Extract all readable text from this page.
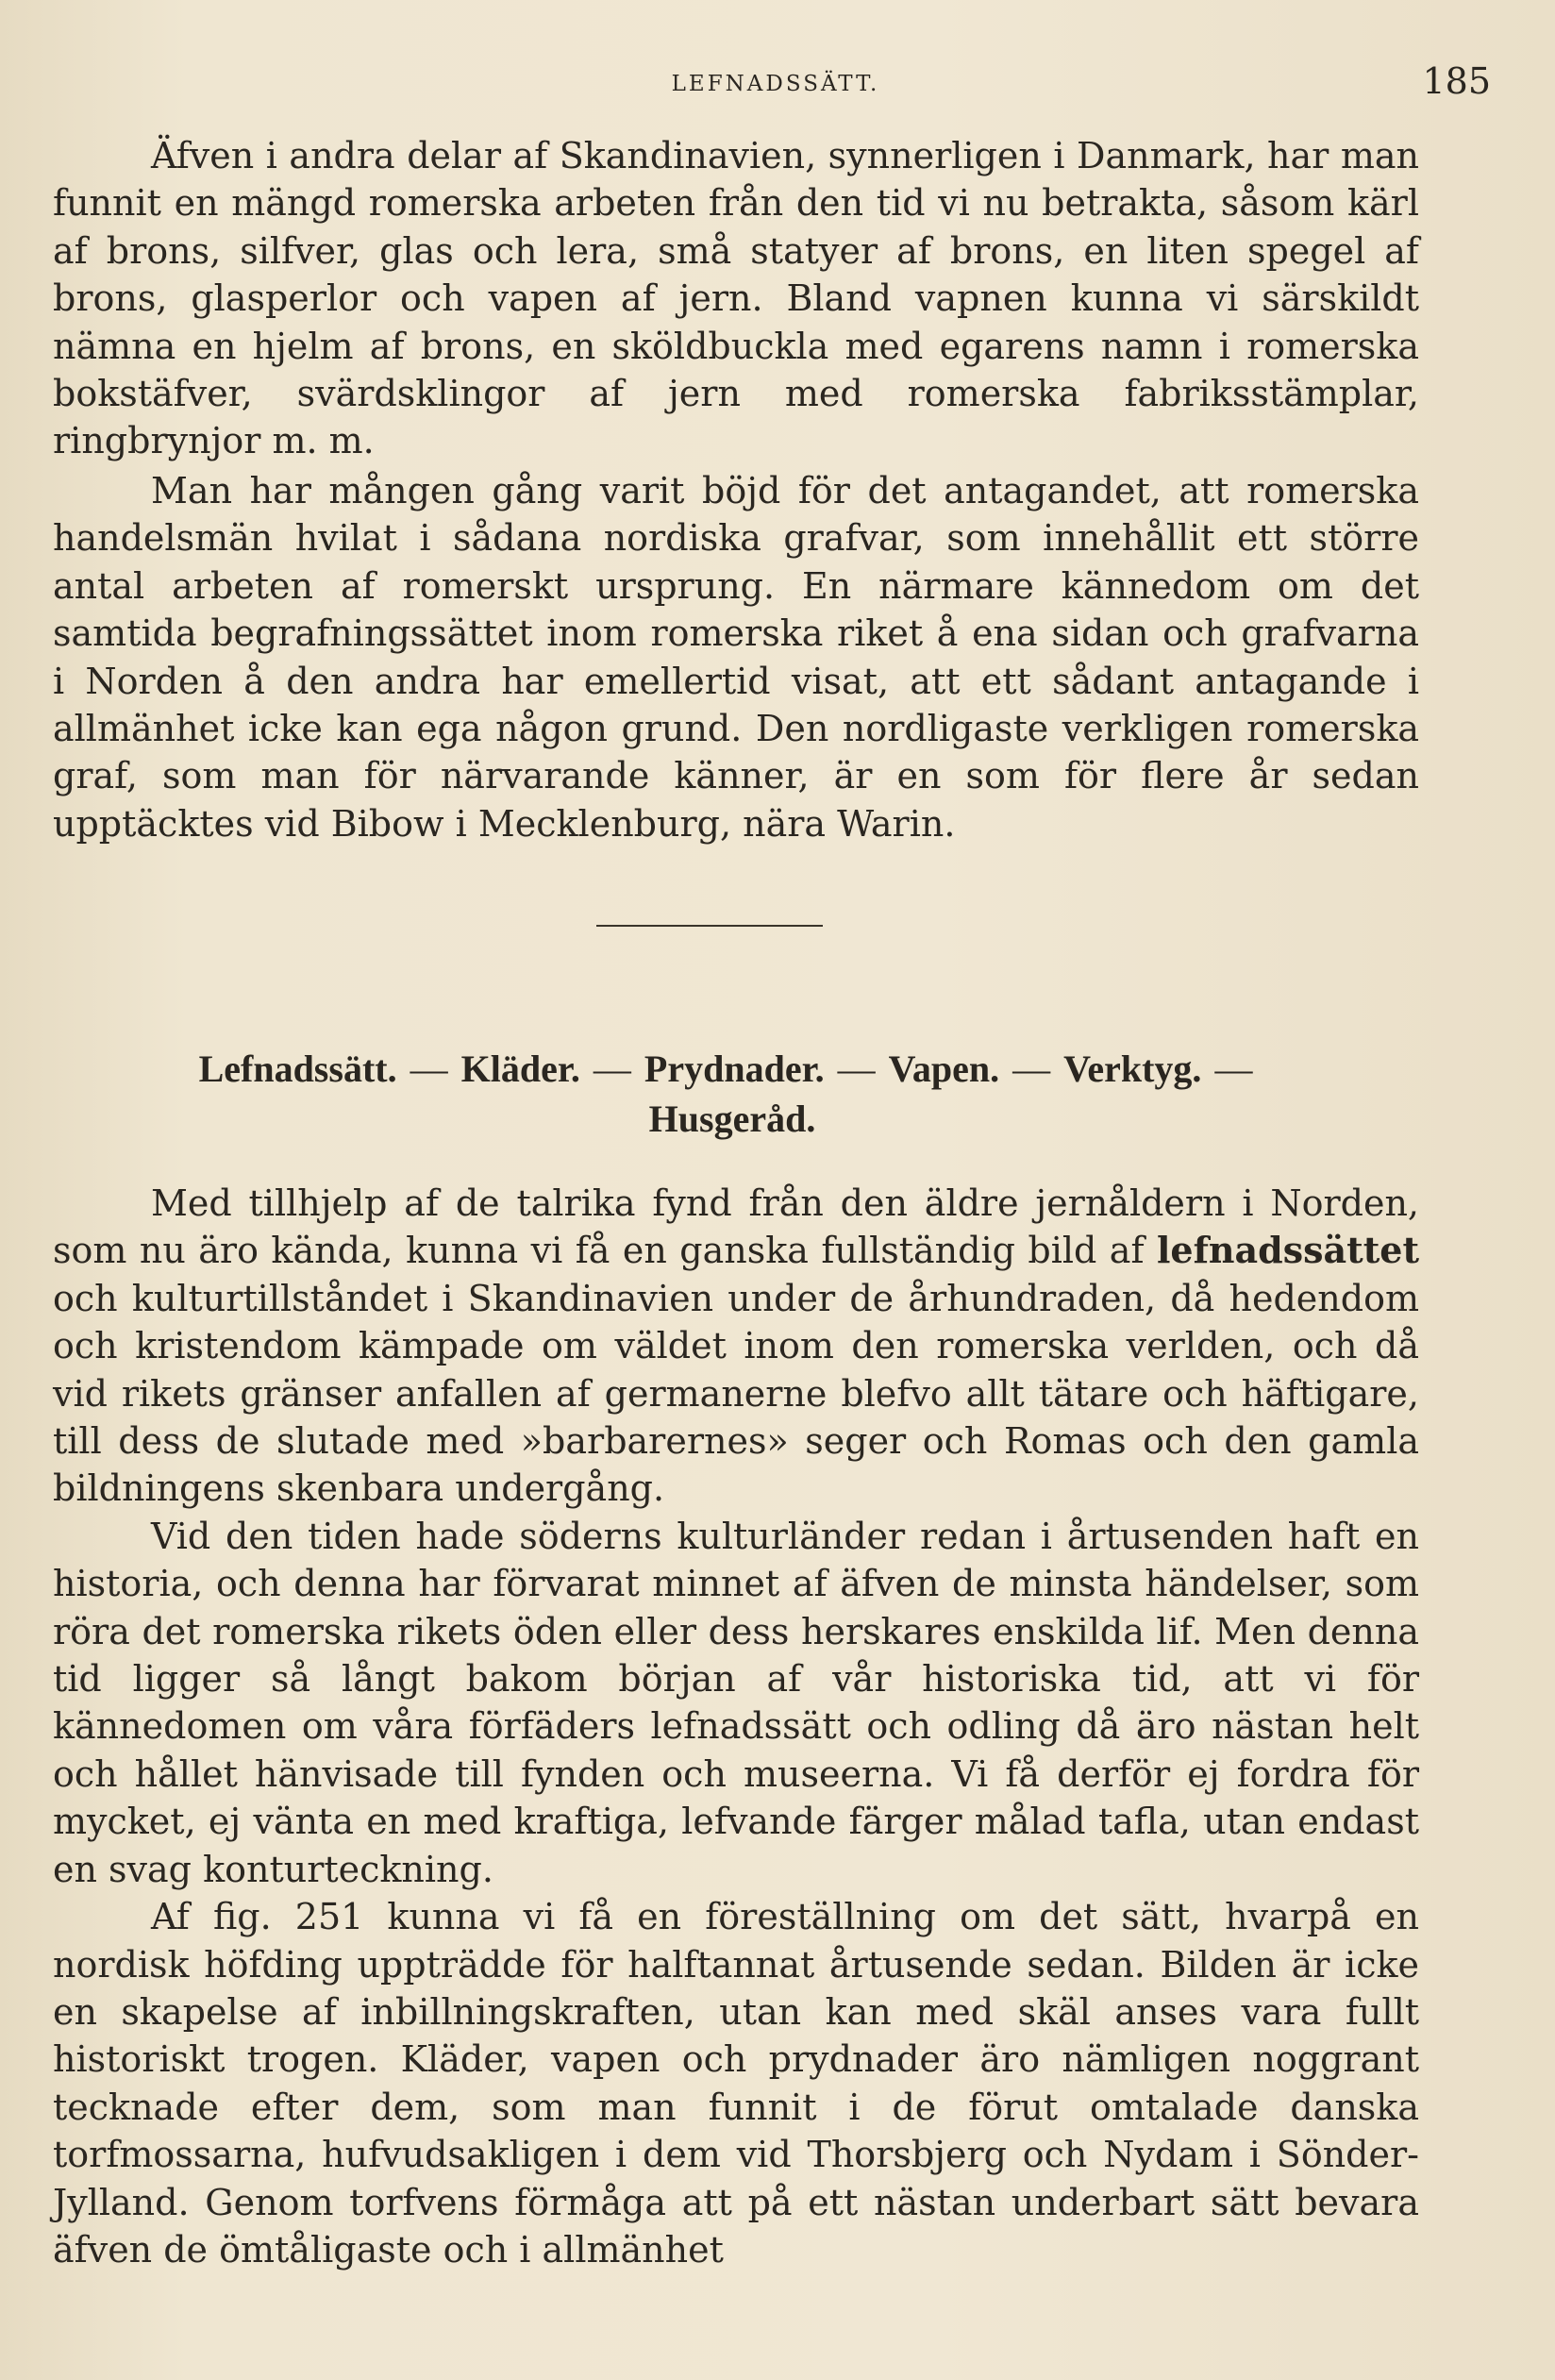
LEFNADSSÄTT.	185

Äfven i andra delar af Skandinavien, synnerligen i Danmark, har man funnit en mängd romerska arbeten från den tid vi nu betrakta, såsom kärl af brons, silfver, glas och lera, små statyer af brons, en liten spegel af brons, glasperlor och vapen af jern. Bland vapnen kunna vi särskildt nämna en hjelm af brons, en sköldbuckla med egarens namn i romerska bokstäfver, svärdsklingor af jern med romerska fabriksstämplar, ringbrynjor m. m.

Man har mången gång varit böjd för det antagandet, att romerska handelsmän hvilat i sådana nordiska grafvar, som innehållit ett större antal arbeten af romerskt ursprung. En närmare kännedom om det samtida begrafningssättet inom romerska riket å ena sidan och grafvarna i Norden å den andra har emellertid visat, att ett sådant antagande i allmänhet icke kan ega någon grund. Den nordligaste verkligen romerska graf, som man för närvarande känner, är en som för flere år sedan upptäcktes vid Bibow i Mecklenburg, nära Warin.

Lefnadssätt. — Kläder. — Prydnader. — Vapen. — Verktyg. —
Husgeråd.

Med tillhjelp af de talrika fynd från den äldre jernåldern i Norden, som nu äro kända, kunna vi få en ganska fullständig bild af lefnadssättet och kulturtillståndet i Skandinavien under de århundraden, då hedendom och kristendom kämpade om väldet inom den romerska verlden, och då vid rikets gränser anfallen af germanerne blefvo allt tätare och häftigare, till dess de slutade med »barbarernes» seger och Romas och den gamla bildningens skenbara undergång.

Vid den tiden hade söderns kulturländer redan i årtusenden haft en historia, och denna har förvarat minnet af äfven de minsta händelser, som röra det romerska rikets öden eller dess herskares enskilda lif. Men denna tid ligger så långt bakom början af vår historiska tid, att vi för kännedomen om våra förfäders lefnadssätt och odling då äro nästan helt och hållet hänvisade till fynden och museerna. Vi få derför ej fordra för mycket, ej vänta en med kraftiga, lefvande färger målad tafla, utan endast en svag konturteckning.

Af fig. 251 kunna vi få en föreställning om det sätt, hvarpå en nordisk höfding uppträdde för halftannat årtusende sedan. Bilden är icke en skapelse af inbillningskraften, utan kan med skäl anses vara fullt historiskt trogen. Kläder, vapen och prydnader äro nämligen noggrant tecknade efter dem, som man funnit i de förut omtalade danska torfmossarna, hufvudsakligen i dem vid Thorsbjerg och Nydam i Sönder-Jylland. Genom torfvens förmåga att på ett nästan underbart sätt bevara äfven de ömtåligaste och i allmänhet
